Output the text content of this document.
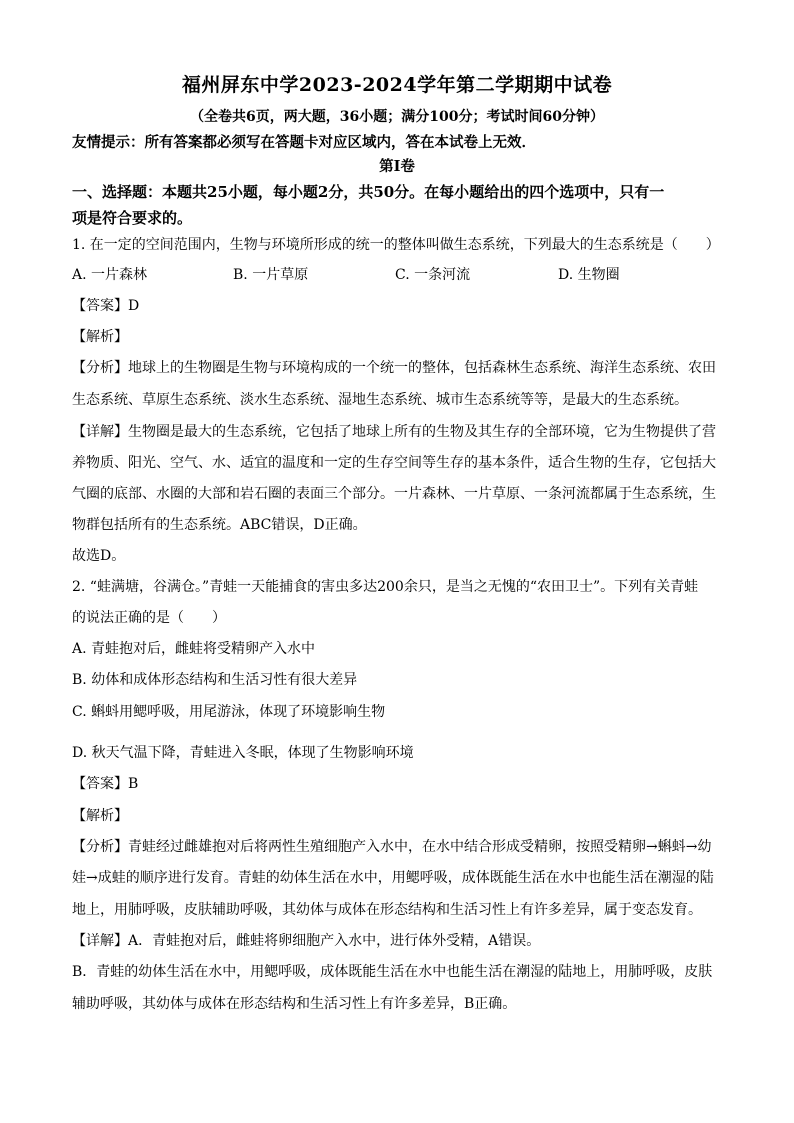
福州屏东中学2023-2024学年第二学期期中试卷
（全卷共6页，两大题，36小题；满分100分；考试时间60分钟）
友情提示：所有答案都必须写在答题卡对应区域内，答在本试卷上无效．
第Ⅰ卷
一、选择题：本题共25小题，每小题2分，共50分。在每小题给出的四个选项中，只有一
项是符合要求的。
1. 在一定的空间范围内，生物与环境所形成的统一的整体叫做生态系统，下列最大的生态系统是（　　）
A. 一片森林	B. 一片草原	C. 一条河流	D. 生物圈
【答案】D
【解析】
【分析】地球上的生物圈是生物与环境构成的一个统一的整体，包括森林生态系统、海洋生态系统、农田
生态系统、草原生态系统、淡水生态系统、湿地生态系统、城市生态系统等等，是最大的生态系统。
【详解】生物圈是最大的生态系统，它包括了地球上所有的生物及其生存的全部环境，它为生物提供了营
养物质、阳光、空气、水、适宜的温度和一定的生存空间等生存的基本条件，适合生物的生存，它包括大
气圈的底部、水圈的大部和岩石圈的表面三个部分。一片森林、一片草原、一条河流都属于生态系统，生
物群包括所有的生态系统。ABC错误，D正确。
故选D。
2. “蛙满塘，谷满仓。”青蛙一天能捕食的害虫多达200余只，是当之无愧的“农田卫士”。下列有关青蛙
的说法正确的是（　　）
A. 青蛙抱对后，雌蛙将受精卵产入水中
B. 幼体和成体形态结构和生活习性有很大差异
C. 蝌蚪用鳃呼吸，用尾游泳，体现了环境影响生物
D. 秋天气温下降，青蛙进入冬眠，体现了生物影响环境
【答案】B
【解析】
【分析】青蛙经过雌雄抱对后将两性生殖细胞产入水中，在水中结合形成受精卵，按照受精卵→蝌蚪→幼
娃→成蛙的顺序进行发育。青蛙的幼体生活在水中，用鳃呼吸，成体既能生活在水中也能生活在潮湿的陆
地上，用肺呼吸，皮肤辅助呼吸，其幼体与成体在形态结构和生活习性上有许多差异，属于变态发育。
【详解】A．青蛙抱对后，雌蛙将卵细胞产入水中，进行体外受精，A错误。
B．青蛙的幼体生活在水中，用鳃呼吸，成体既能生活在水中也能生活在潮湿的陆地上，用肺呼吸，皮肤
辅助呼吸，其幼体与成体在形态结构和生活习性上有许多差异，B正确。
